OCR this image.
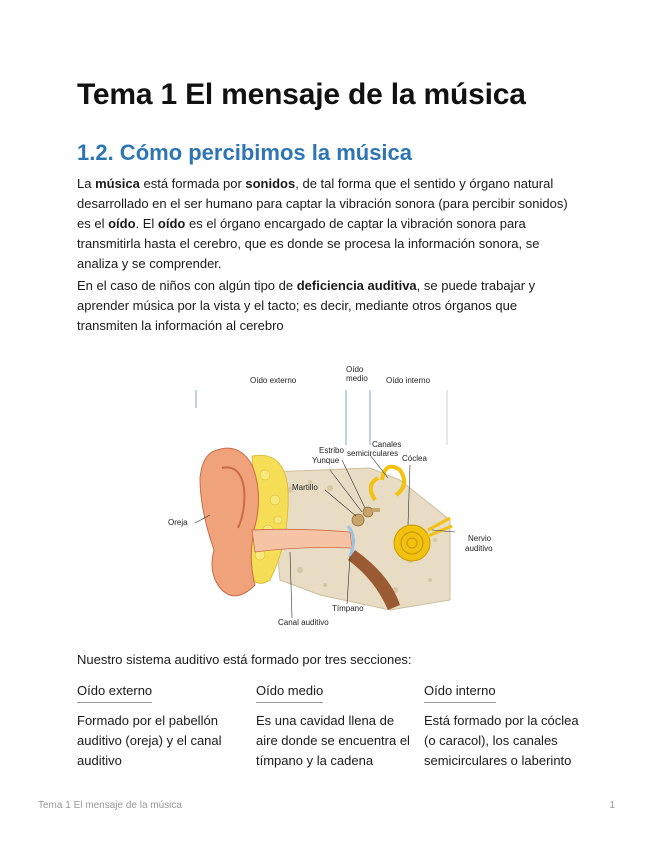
Tema 1 El mensaje de la música
1.2. Cómo percibimos la música

La música está formada por sonidos, de tal forma que el sentido y órgano natural desarrollado en el ser humano para captar la vibración sonora (para percibir sonidos) es el oído. El oído es el órgano encargado de captar la vibración sonora para transmitirla hasta el cerebro, que es donde se procesa la información sonora, se analiza y se comprender.

En el caso de niños con algún tipo de deficiencia auditiva, se puede trabajar y aprender música por la vista y el tacto; es decir, mediante otros órganos que transmiten la información al cerebro

Oído externo
Oído
medio Oído interno
Canales
semicirculares
Estribo
Yunque	Cóclea
Martillo
Oreja
Nervio
auditivo
Tímpano
Canal auditivo

Nuestro sistema auditivo está formado por tres secciones:

Oído externo

Formado por el pabellón auditivo (oreja) y el canal auditivo

Oído medio

Es una cavidad llena de aire donde se encuentra el tímpano y la cadena

Oído interno

Está formado por la cóclea (o caracol), los canales semicirculares o laberinto

Tema 1 El mensaje de la música	1
